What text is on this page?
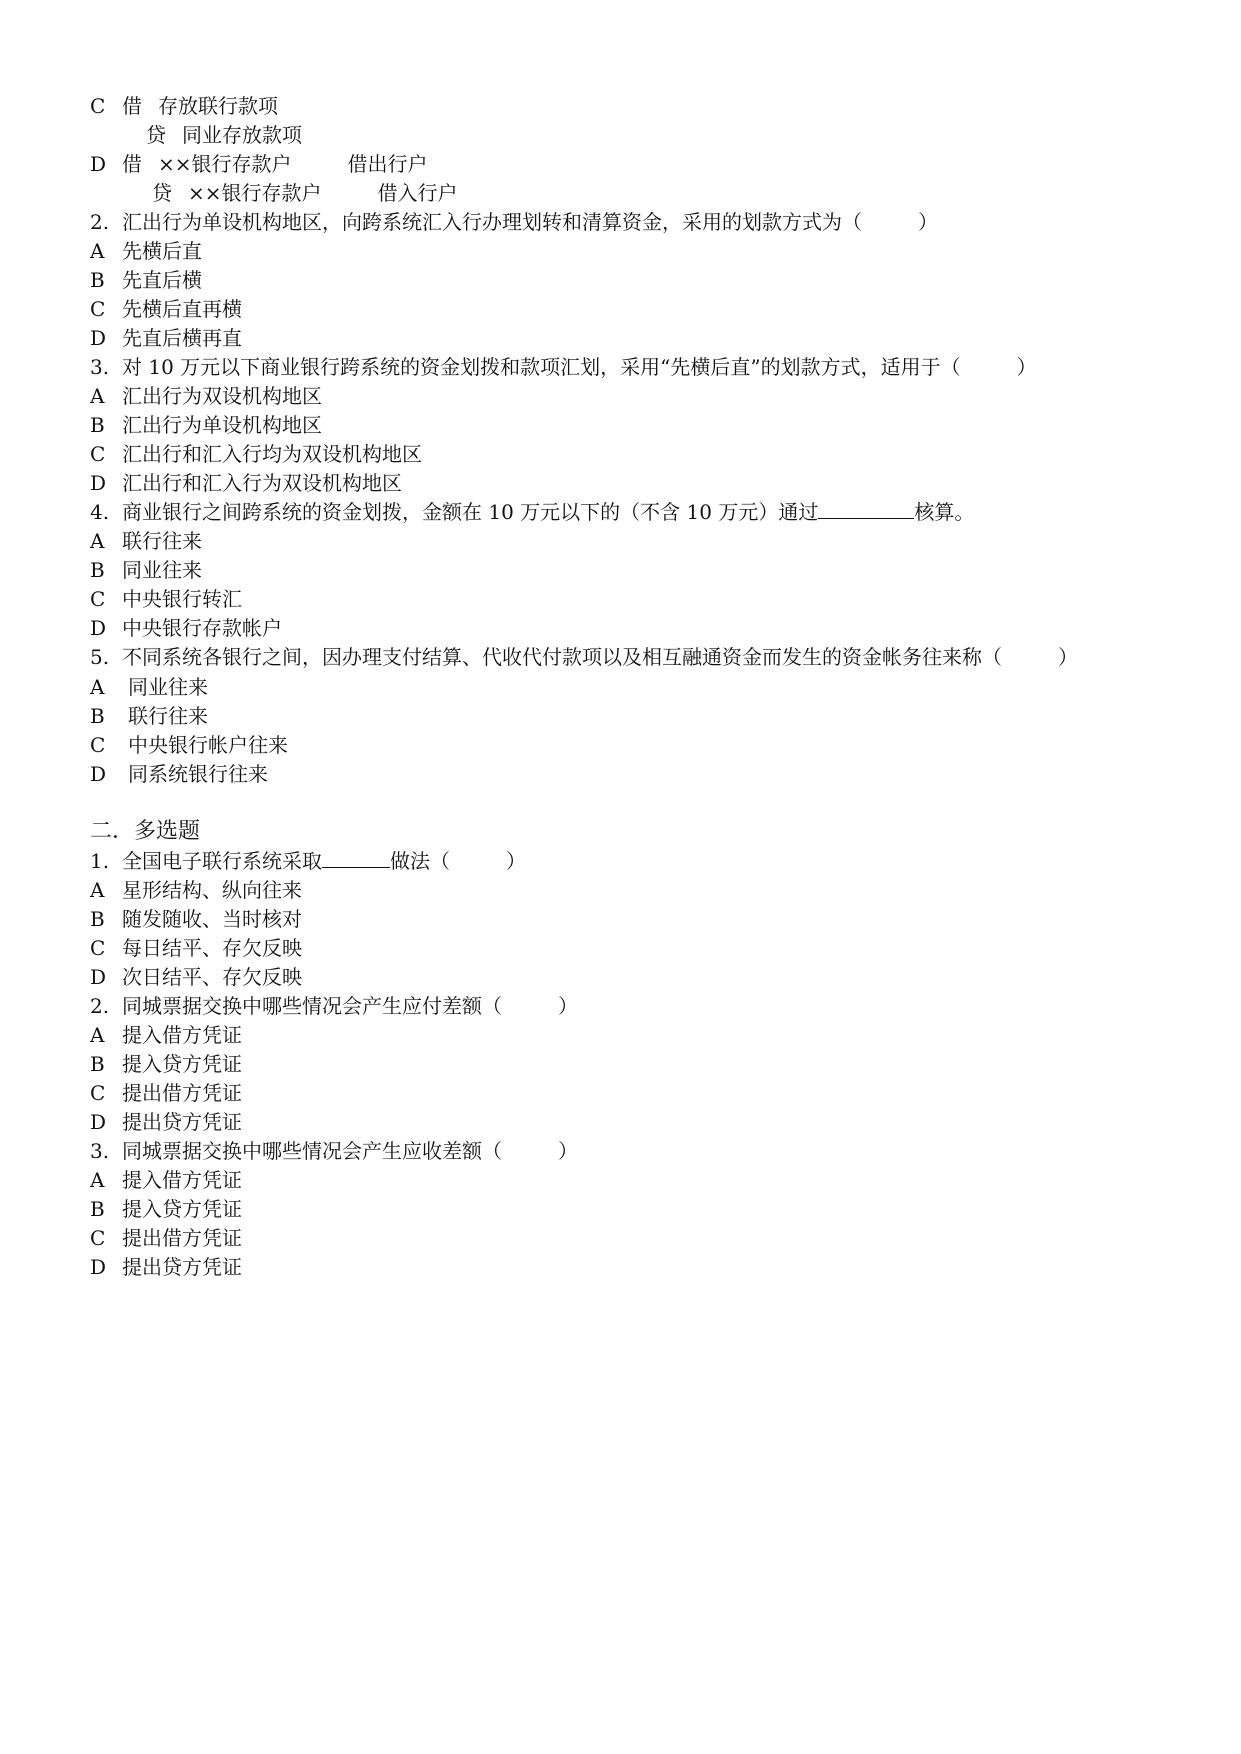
C 借 存放联行款项
贷 同业存放款项
D 借 ××银行存款户	借出行户
贷 ××银行存款户	借入行户
2. 汇出行为单设机构地区，向跨系统汇入行办理划转和清算资金，采用的划款方式为（	）
A 先横后直
B 先直后横
C 先横后直再横
D 先直后横再直
3. 对 10 万元以下商业银行跨系统的资金划拨和款项汇划，采用“先横后直”的划款方式，适用于（	）
A 汇出行为双设机构地区
B 汇出行为单设机构地区
C 汇出行和汇入行均为双设机构地区
D 汇出行和汇入行为双设机构地区
4. 商业银行之间跨系统的资金划拨，金额在 10 万元以下的（不含 10 万元）通过	核算。
A 联行往来
B 同业往来
C 中央银行转汇
D 中央银行存款帐户
5. 不同系统各银行之间，因办理支付结算、代收代付款项以及相互融通资金而发生的资金帐务往来称（	）
A 同业往来
B 联行往来
C 中央银行帐户往来
D 同系统银行往来
二．多选题
1. 全国电子联行系统采取	做法（	）
A 星形结构、纵向往来
B 随发随收、当时核对
C 每日结平、存欠反映
D 次日结平、存欠反映
2. 同城票据交换中哪些情况会产生应付差额（	）
A 提入借方凭证
B 提入贷方凭证
C 提出借方凭证
D 提出贷方凭证
3. 同城票据交换中哪些情况会产生应收差额（	）
A 提入借方凭证
B 提入贷方凭证
C 提出借方凭证
D 提出贷方凭证
